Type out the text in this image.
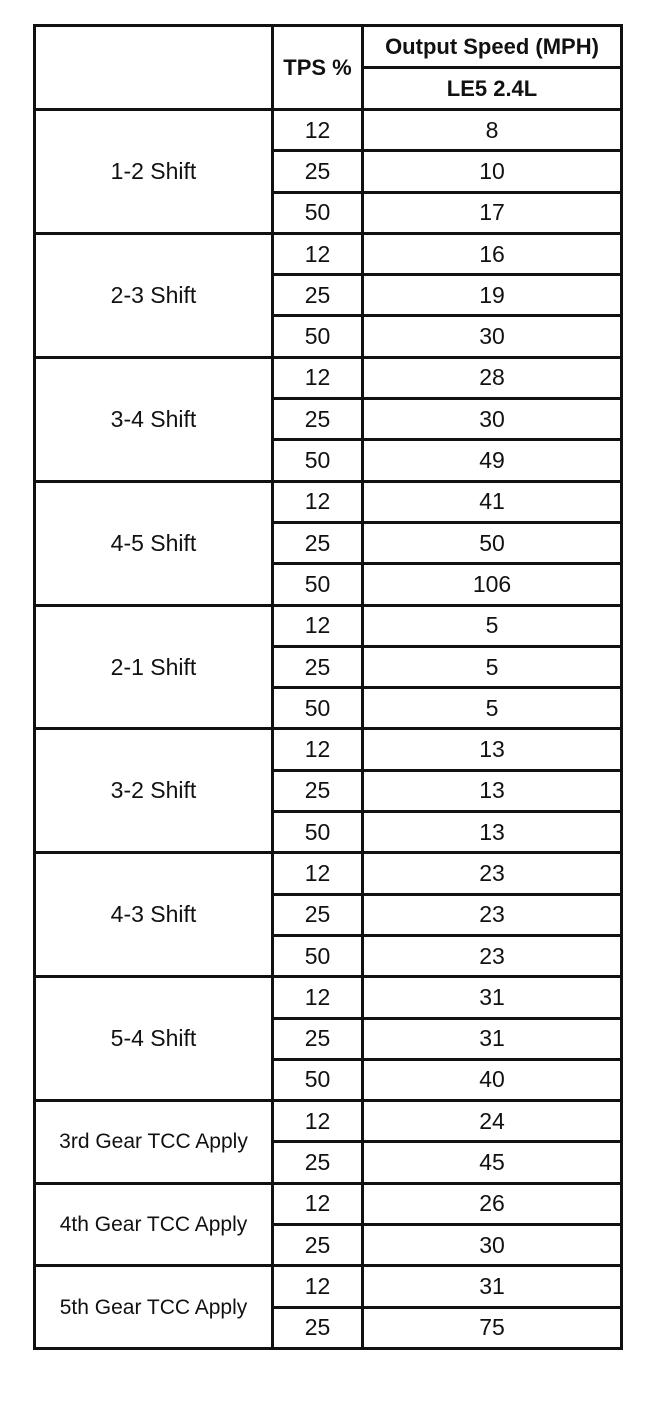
	TPS %	Output Speed (MPH)
		LE5 2.4L
1-2 Shift	12	8
	25	10
	50	17
2-3 Shift	12	16
	25	19
	50	30
3-4 Shift	12	28
	25	30
	50	49
4-5 Shift	12	41
	25	50
	50	106
2-1 Shift	12	5
	25	5
	50	5
3-2 Shift	12	13
	25	13
	50	13
4-3 Shift	12	23
	25	23
	50	23
5-4 Shift	12	31
	25	31
	50	40
3rd Gear TCC Apply	12	24
	25	45
4th Gear TCC Apply	12	26
	25	30
5th Gear TCC Apply	12	31
	25	75
